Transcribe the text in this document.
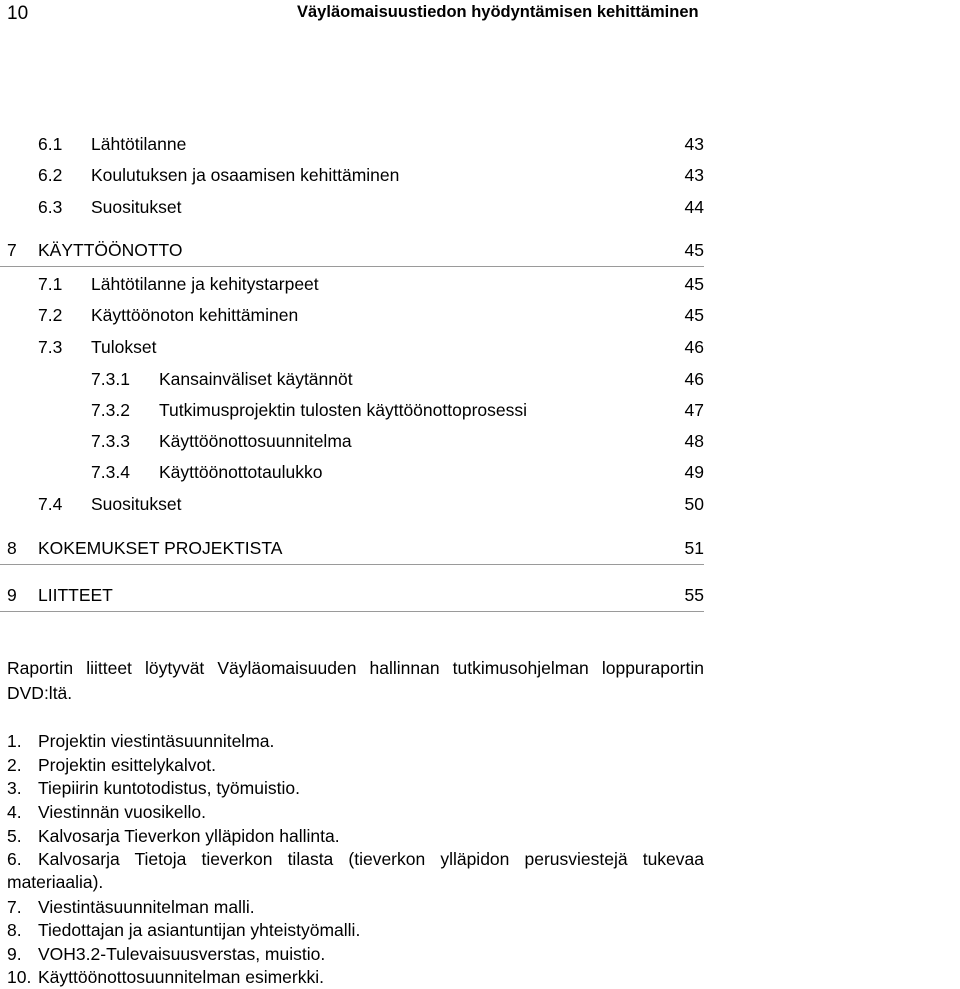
10	Väyläomaisuustiedon hyödyntämisen kehittäminen
6.1 Lähtötilanne	43
6.2 Koulutuksen ja osaamisen kehittäminen	43
6.3 Suositukset	44
7 KÄYTTÖÖNOTTO	45
7.1 Lähtötilanne ja kehitystarpeet	45
7.2 Käyttöönoton kehittäminen	45
7.3 Tulokset	46
7.3.1 Kansainväliset käytännöt	46
7.3.2 Tutkimusprojektin tulosten käyttöönottoprosessi	47
7.3.3 Käyttöönottosuunnitelma	48
7.3.4 Käyttöönottotaulukko	49
7.4 Suositukset	50
8 KOKEMUKSET PROJEKTISTA	51
9 LIITTEET	55

Raportin liitteet löytyvät Väyläomaisuuden hallinnan tutkimusohjelman loppuraportin DVD:ltä.

1. Projektin viestintäsuunnitelma.
2. Projektin esittelykalvot.
3. Tiepiirin kuntotodistus, työmuistio.
4. Viestinnän vuosikello.
5. Kalvosarja Tieverkon ylläpidon hallinta.
6. Kalvosarja Tietoja tieverkon tilasta (tieverkon ylläpidon perusviestejä tukevaa materiaalia).
7. Viestintäsuunnitelman malli.
8. Tiedottajan ja asiantuntijan yhteistyömalli.
9. VOH3.2-Tulevaisuusverstas, muistio.
10. Käyttöönottosuunnitelman esimerkki.
